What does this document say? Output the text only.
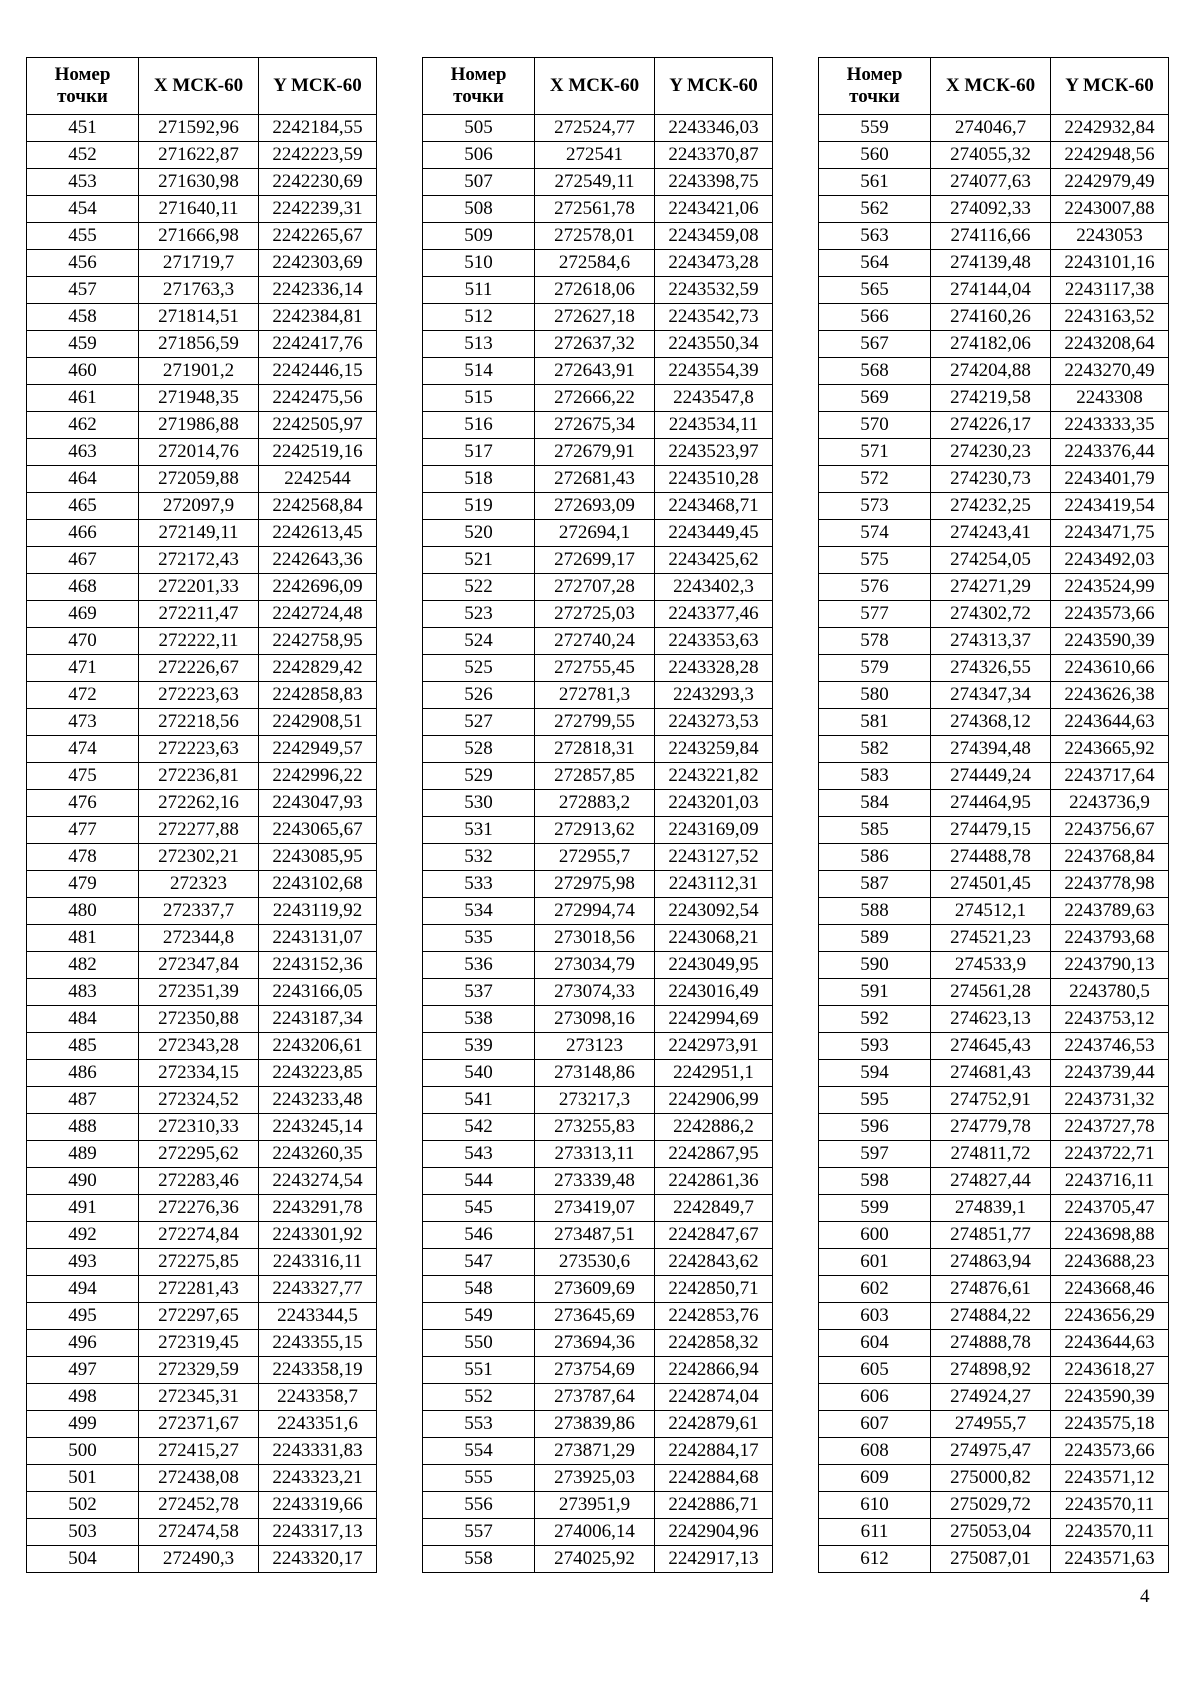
Номер
точки	X МСК-60	Y МСК-60
451	271592,96	2242184,55
452	271622,87	2242223,59
453	271630,98	2242230,69
454	271640,11	2242239,31
455	271666,98	2242265,67
456	271719,7	2242303,69
457	271763,3	2242336,14
458	271814,51	2242384,81
459	271856,59	2242417,76
460	271901,2	2242446,15
461	271948,35	2242475,56
462	271986,88	2242505,97
463	272014,76	2242519,16
464	272059,88	2242544
465	272097,9	2242568,84
466	272149,11	2242613,45
467	272172,43	2242643,36
468	272201,33	2242696,09
469	272211,47	2242724,48
470	272222,11	2242758,95
471	272226,67	2242829,42
472	272223,63	2242858,83
473	272218,56	2242908,51
474	272223,63	2242949,57
475	272236,81	2242996,22
476	272262,16	2243047,93
477	272277,88	2243065,67
478	272302,21	2243085,95
479	272323	2243102,68
480	272337,7	2243119,92
481	272344,8	2243131,07
482	272347,84	2243152,36
483	272351,39	2243166,05
484	272350,88	2243187,34
485	272343,28	2243206,61
486	272334,15	2243223,85
487	272324,52	2243233,48
488	272310,33	2243245,14
489	272295,62	2243260,35
490	272283,46	2243274,54
491	272276,36	2243291,78
492	272274,84	2243301,92
493	272275,85	2243316,11
494	272281,43	2243327,77
495	272297,65	2243344,5
496	272319,45	2243355,15
497	272329,59	2243358,19
498	272345,31	2243358,7
499	272371,67	2243351,6
500	272415,27	2243331,83
501	272438,08	2243323,21
502	272452,78	2243319,66
503	272474,58	2243317,13
504	272490,3	2243320,17
Номер
точки	X МСК-60	Y МСК-60
505	272524,77	2243346,03
506	272541	2243370,87
507	272549,11	2243398,75
508	272561,78	2243421,06
509	272578,01	2243459,08
510	272584,6	2243473,28
511	272618,06	2243532,59
512	272627,18	2243542,73
513	272637,32	2243550,34
514	272643,91	2243554,39
515	272666,22	2243547,8
516	272675,34	2243534,11
517	272679,91	2243523,97
518	272681,43	2243510,28
519	272693,09	2243468,71
520	272694,1	2243449,45
521	272699,17	2243425,62
522	272707,28	2243402,3
523	272725,03	2243377,46
524	272740,24	2243353,63
525	272755,45	2243328,28
526	272781,3	2243293,3
527	272799,55	2243273,53
528	272818,31	2243259,84
529	272857,85	2243221,82
530	272883,2	2243201,03
531	272913,62	2243169,09
532	272955,7	2243127,52
533	272975,98	2243112,31
534	272994,74	2243092,54
535	273018,56	2243068,21
536	273034,79	2243049,95
537	273074,33	2243016,49
538	273098,16	2242994,69
539	273123	2242973,91
540	273148,86	2242951,1
541	273217,3	2242906,99
542	273255,83	2242886,2
543	273313,11	2242867,95
544	273339,48	2242861,36
545	273419,07	2242849,7
546	273487,51	2242847,67
547	273530,6	2242843,62
548	273609,69	2242850,71
549	273645,69	2242853,76
550	273694,36	2242858,32
551	273754,69	2242866,94
552	273787,64	2242874,04
553	273839,86	2242879,61
554	273871,29	2242884,17
555	273925,03	2242884,68
556	273951,9	2242886,71
557	274006,14	2242904,96
558	274025,92	2242917,13
Номер
точки	X МСК-60	Y МСК-60
559	274046,7	2242932,84
560	274055,32	2242948,56
561	274077,63	2242979,49
562	274092,33	2243007,88
563	274116,66	2243053
564	274139,48	2243101,16
565	274144,04	2243117,38
566	274160,26	2243163,52
567	274182,06	2243208,64
568	274204,88	2243270,49
569	274219,58	2243308
570	274226,17	2243333,35
571	274230,23	2243376,44
572	274230,73	2243401,79
573	274232,25	2243419,54
574	274243,41	2243471,75
575	274254,05	2243492,03
576	274271,29	2243524,99
577	274302,72	2243573,66
578	274313,37	2243590,39
579	274326,55	2243610,66
580	274347,34	2243626,38
581	274368,12	2243644,63
582	274394,48	2243665,92
583	274449,24	2243717,64
584	274464,95	2243736,9
585	274479,15	2243756,67
586	274488,78	2243768,84
587	274501,45	2243778,98
588	274512,1	2243789,63
589	274521,23	2243793,68
590	274533,9	2243790,13
591	274561,28	2243780,5
592	274623,13	2243753,12
593	274645,43	2243746,53
594	274681,43	2243739,44
595	274752,91	2243731,32
596	274779,78	2243727,78
597	274811,72	2243722,71
598	274827,44	2243716,11
599	274839,1	2243705,47
600	274851,77	2243698,88
601	274863,94	2243688,23
602	274876,61	2243668,46
603	274884,22	2243656,29
604	274888,78	2243644,63
605	274898,92	2243618,27
606	274924,27	2243590,39
607	274955,7	2243575,18
608	274975,47	2243573,66
609	275000,82	2243571,12
610	275029,72	2243570,11
611	275053,04	2243570,11
612	275087,01	2243571,63
4
